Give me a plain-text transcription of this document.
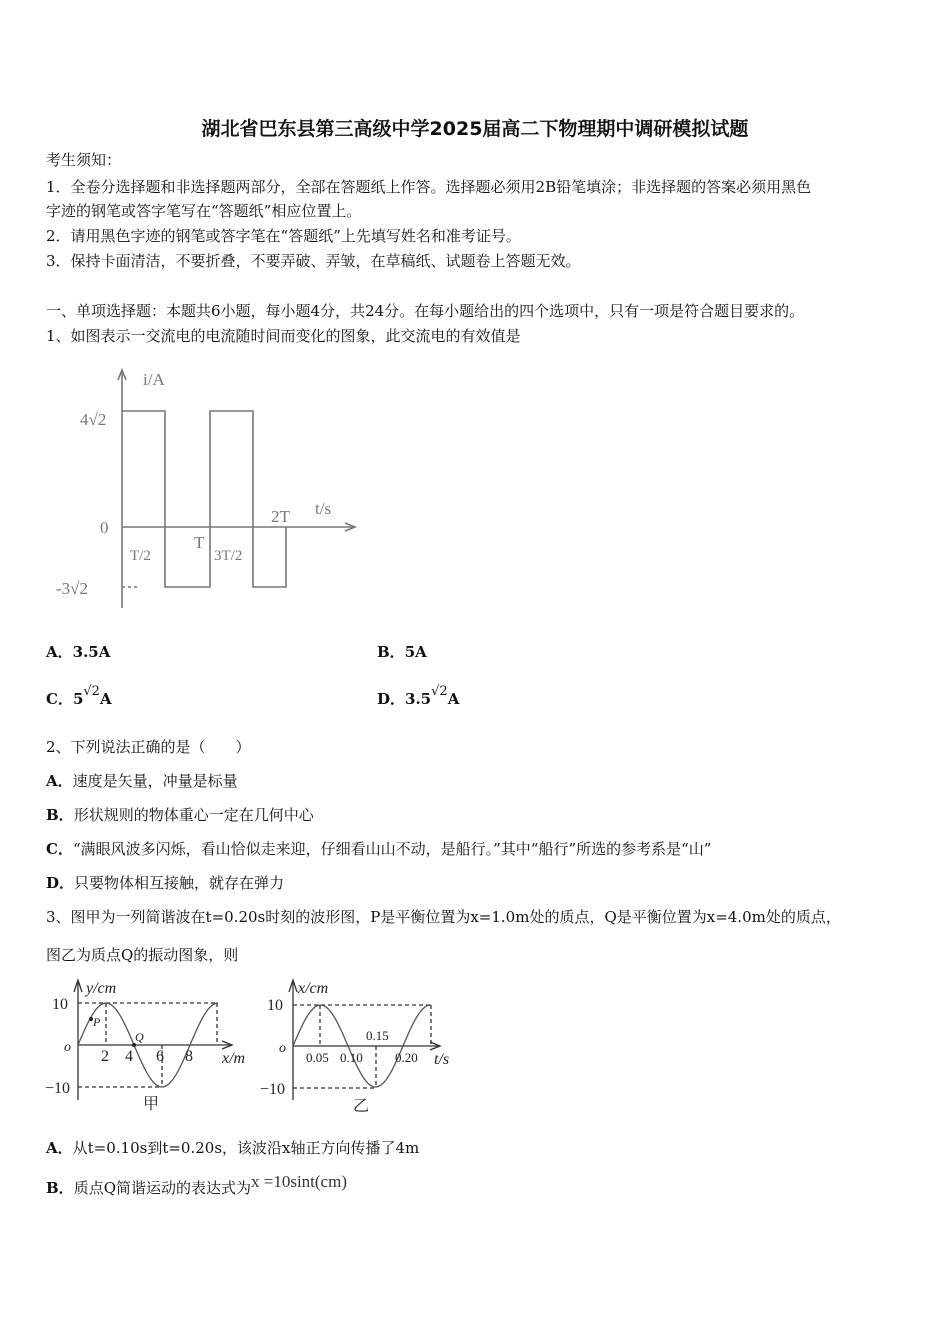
湖北省巴东县第三高级中学2025届高二下物理期中调研模拟试题
考生须知：
1．全卷分选择题和非选择题两部分，全部在答题纸上作答。选择题必须用2B铅笔填涂；非选择题的答案必须用黑色
字迹的钢笔或答字笔写在“答题纸”相应位置上。
2．请用黑色字迹的钢笔或答字笔在“答题纸”上先填写姓名和准考证号。
3．保持卡面清洁，不要折叠，不要弄破、弄皱，在草稿纸、试题卷上答题无效。
一、单项选择题：本题共6小题，每小题4分，共24分。在每小题给出的四个选项中，只有一项是符合题目要求的。
1、如图表示一交流电的电流随时间而变化的图象，此交流电的有效值是
i/A
4√2
0
-3√2
T/2
T
3T/2
2T t/s
P
Q
y/cm
10
−10
o
2 4 6 8 x/m
甲
x/cm
10
−10
o
0.05 0.10
0.15
0.20 t/s
乙
A．3.5A	B．5A
C．5√2A	D．3.5√2A
2、下列说法正确的是（　　）
A．速度是矢量，冲量是标量
B．形状规则的物体重心一定在几何中心
C．“满眼风波多闪烁，看山恰似走来迎，仔细看山山不动，是船行。”其中“船行”所选的参考系是“山”
D．只要物体相互接触，就存在弹力
3、图甲为一列简谐波在t=0.20s时刻的波形图，P是平衡位置为x=1.0m处的质点，Q是平衡位置为x=4.0m处的质点，
图乙为质点Q的振动图象，则
A．从t=0.10s到t=0.20s，该波沿x轴正方向传播了4m
B．质点Q简谐运动的表达式为x =10sint(cm)
